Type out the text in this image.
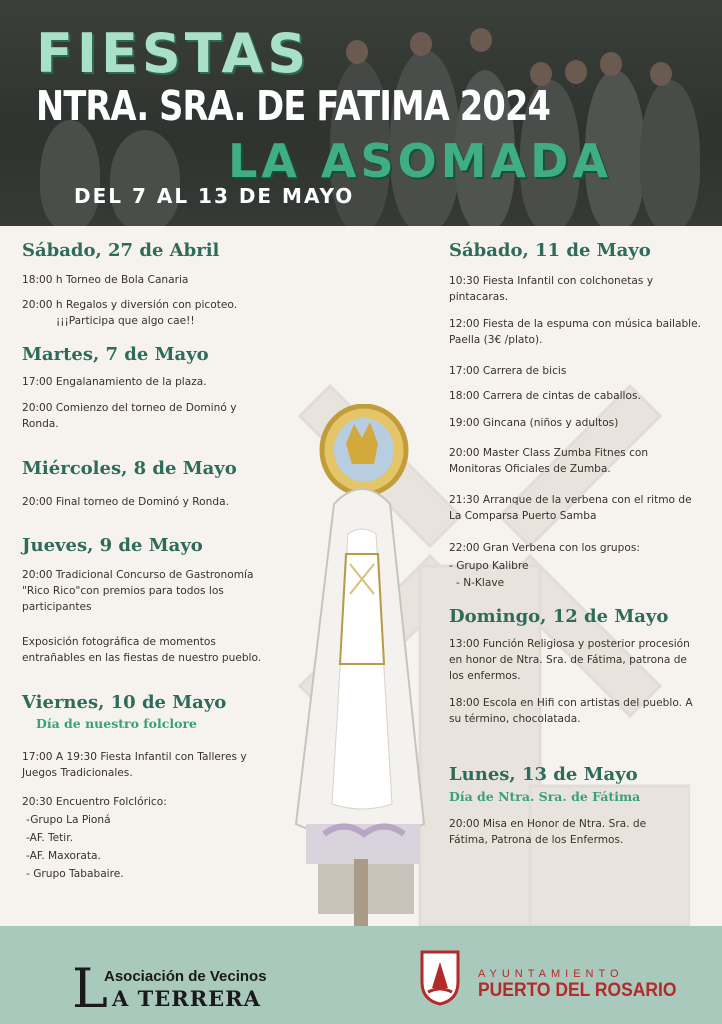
FIESTAS
NTRA. SRA. DE FATIMA 2024
LA ASOMADA
DEL 7 AL 13 DE MAYO
Sábado, 27 de Abril
18:00 h Torneo de Bola Canaria
20:00 h Regalos y diversión con picoteo.
¡¡¡Participa que algo cae!!
Martes, 7 de Mayo
17:00 Engalanamiento de la plaza.
20:00 Comienzo del torneo de Dominó y
Ronda.
Miércoles, 8 de Mayo
20:00 Final torneo de Dominó y Ronda.
Jueves, 9 de Mayo
20:00 Tradicional Concurso de Gastronomía
"Rico Rico"con premios para todos los
participantes
Exposición fotográfica de momentos
entrañables en las fiestas de nuestro pueblo.
Viernes, 10 de Mayo
Día de nuestro folclore
17:00 A 19:30 Fiesta Infantil con Talleres y
Juegos Tradicionales.
20:30 Encuentro Folclórico:
-Grupo La Pioná
-AF. Tetir.
-AF. Maxorata.
- Grupo Tababaire.
Sábado, 11 de Mayo
10:30 Fiesta Infantil con colchonetas y
pintacaras.
12:00 Fiesta de la espuma con música bailable.
Paella (3€ /plato).
17:00 Carrera de bicis
18:00 Carrera de cintas de caballos.
19:00 Gincana (niños y adultos)
20:00 Master Class Zumba Fitnes con
Monitoras Oficiales de Zumba.
21:30 Arranque de la verbena con el ritmo de
La Comparsa Puerto Samba
22:00 Gran Verbena con los grupos:
- Grupo Kalibre
- N-Klave
Domingo, 12 de Mayo
13:00 Función Religiosa y posterior procesión
en honor de Ntra. Sra. de Fátima, patrona de
los enfermos.
18:00 Escola en Hifi con artistas del pueblo. A
su término, chocolatada.
Lunes, 13 de Mayo
Día de Ntra. Sra. de Fátima
20:00 Misa en Honor de Ntra. Sra. de
Fátima, Patrona de los Enfermos.
L
Asociación de Vecinos
A TERRERA
AYUNTAMIENTO
PUERTO DEL ROSARIO
